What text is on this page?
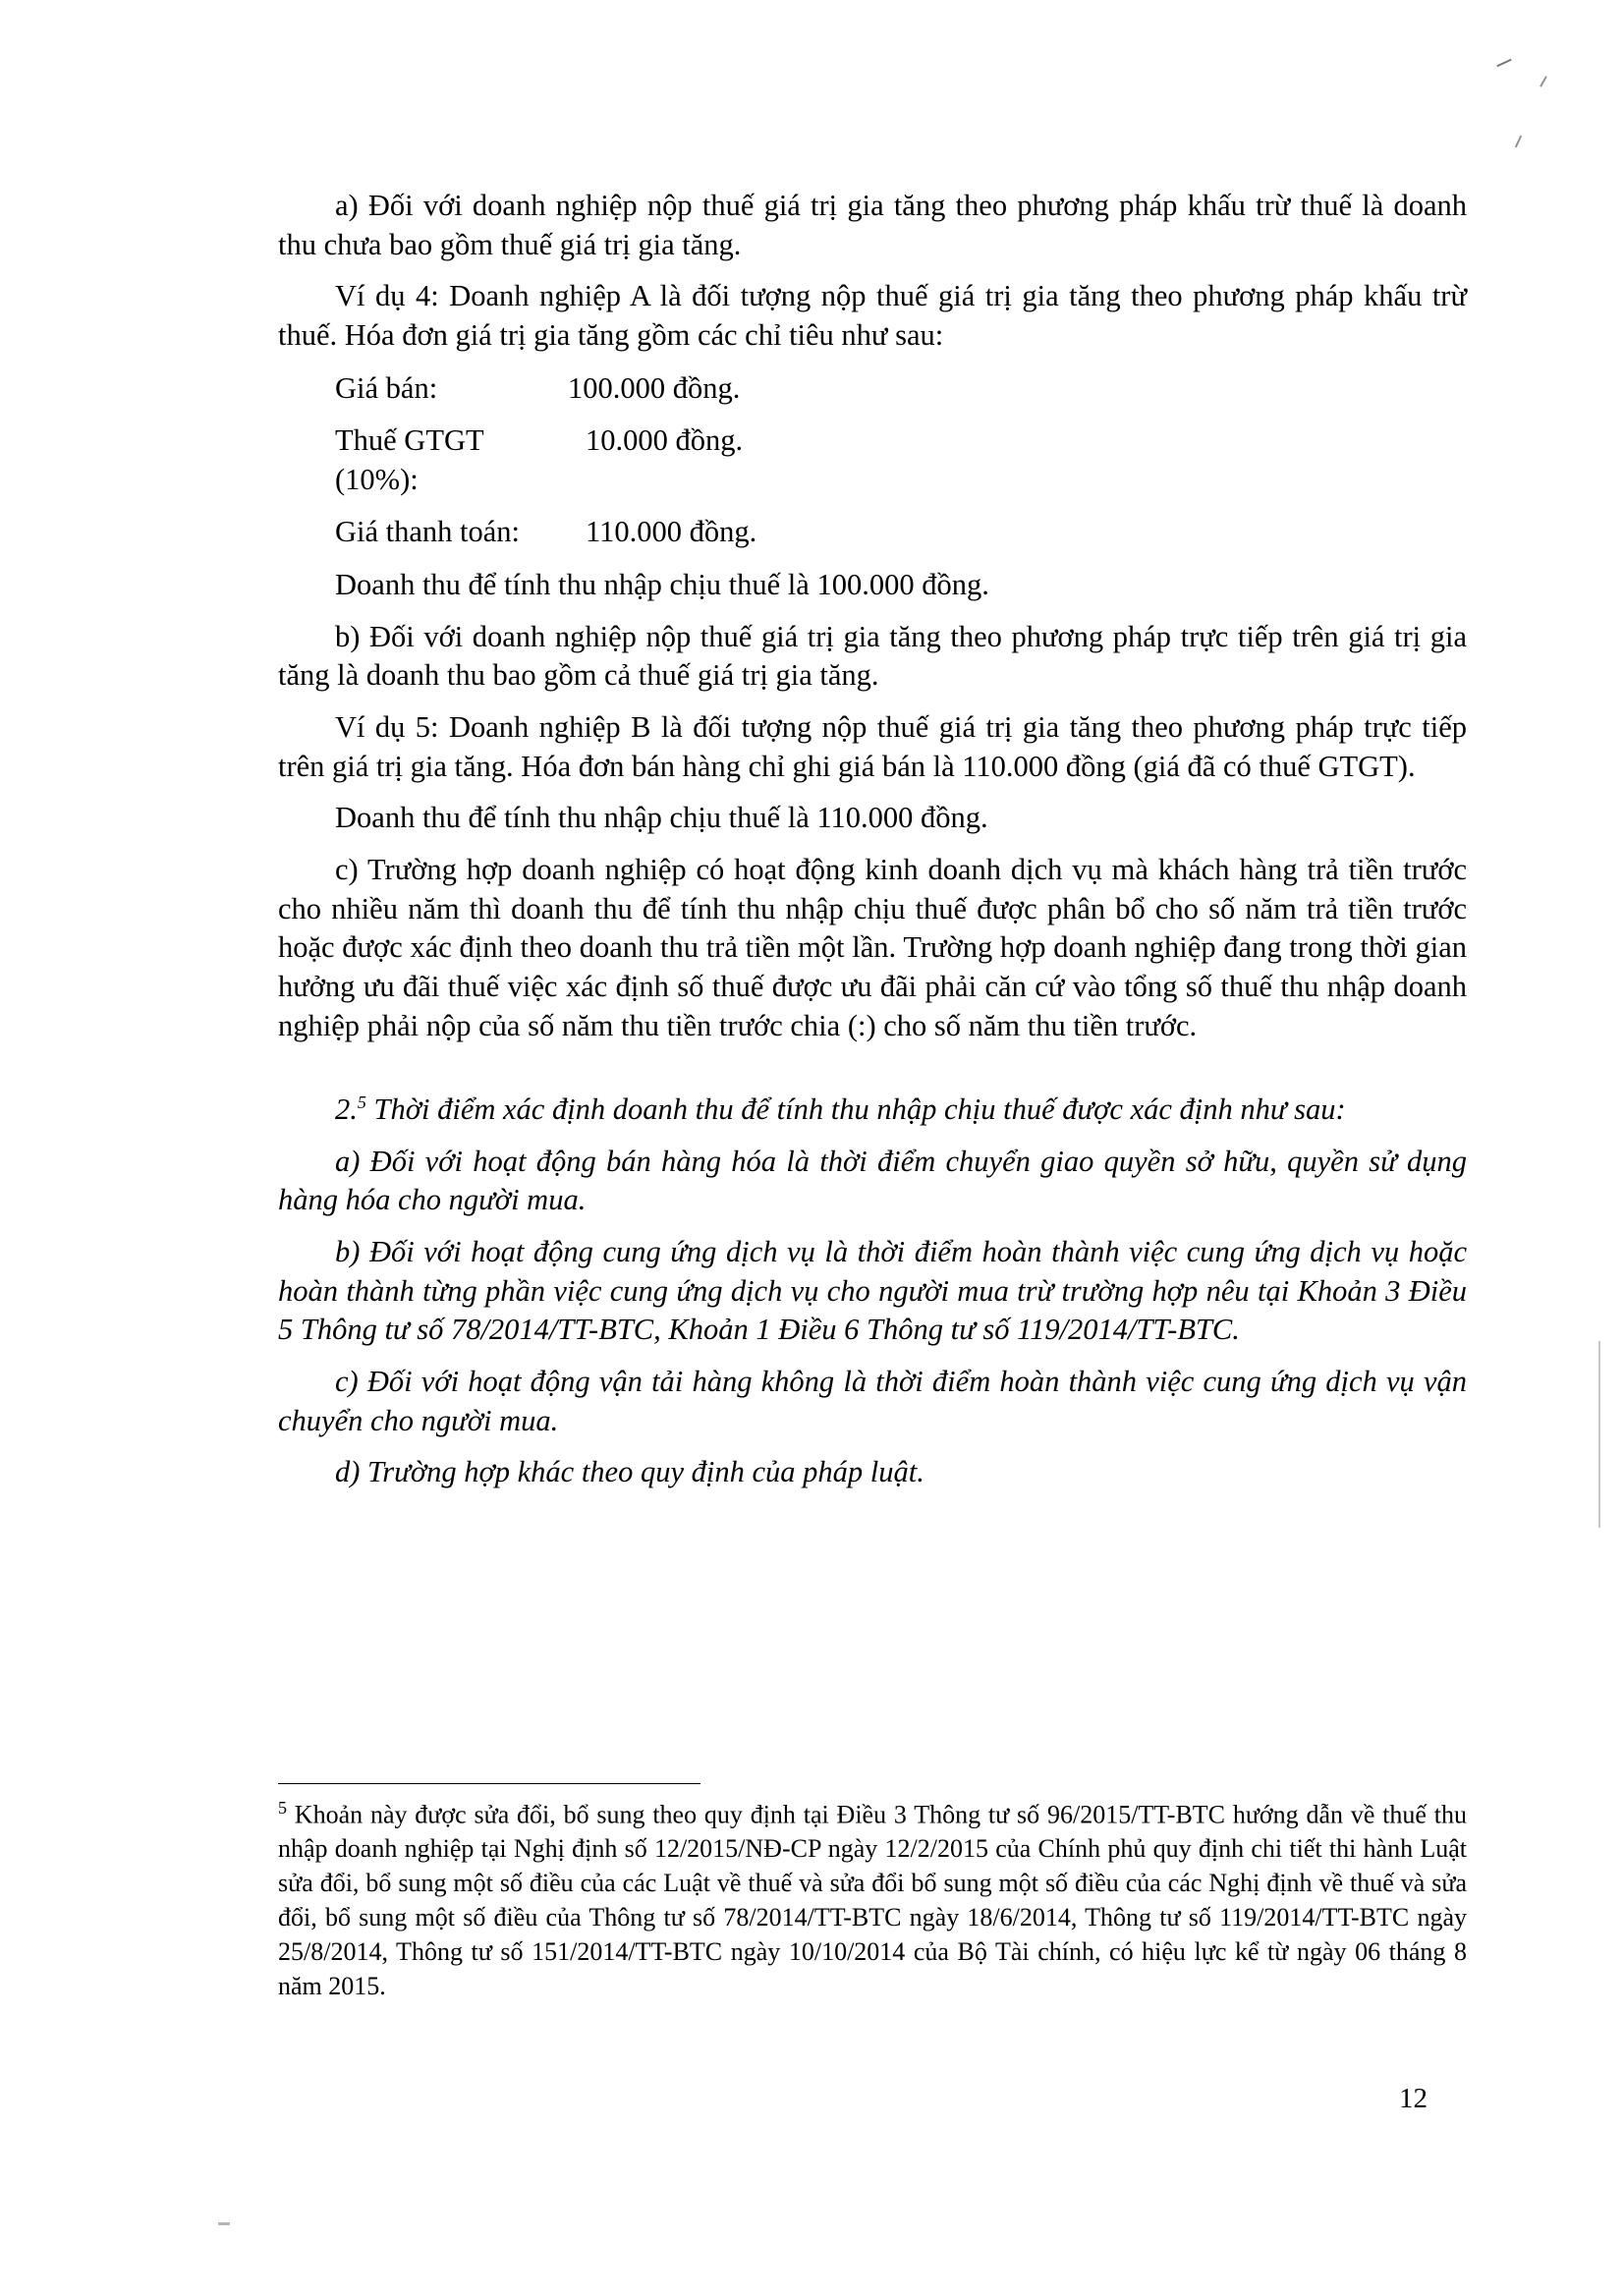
a) Đối với doanh nghiệp nộp thuế giá trị gia tăng theo phương pháp khấu trừ thuế là doanh thu chưa bao gồm thuế giá trị gia tăng.

Ví dụ 4: Doanh nghiệp A là đối tượng nộp thuế giá trị gia tăng theo phương pháp khấu trừ thuế. Hóa đơn giá trị gia tăng gồm các chỉ tiêu như sau:

Giá bán:	100.000 đồng.
Thuế GTGT (10%):
10.000 đồng.
Giá thanh toán:	110.000 đồng.

Doanh thu để tính thu nhập chịu thuế là 100.000 đồng.

b) Đối với doanh nghiệp nộp thuế giá trị gia tăng theo phương pháp trực tiếp trên giá trị gia tăng là doanh thu bao gồm cả thuế giá trị gia tăng.

Ví dụ 5: Doanh nghiệp B là đối tượng nộp thuế giá trị gia tăng theo phương pháp trực tiếp trên giá trị gia tăng. Hóa đơn bán hàng chỉ ghi giá bán là 110.000 đồng (giá đã có thuế GTGT).

Doanh thu để tính thu nhập chịu thuế là 110.000 đồng.

c) Trường hợp doanh nghiệp có hoạt động kinh doanh dịch vụ mà khách hàng trả tiền trước cho nhiều năm thì doanh thu để tính thu nhập chịu thuế được phân bổ cho số năm trả tiền trước hoặc được xác định theo doanh thu trả tiền một lần. Trường hợp doanh nghiệp đang trong thời gian hưởng ưu đãi thuế việc xác định số thuế được ưu đãi phải căn cứ vào tổng số thuế thu nhập doanh nghiệp phải nộp của số năm thu tiền trước chia (:) cho số năm thu tiền trước.

2.$^5$ Thời điểm xác định doanh thu để tính thu nhập chịu thuế được xác định như sau:

a) Đối với hoạt động bán hàng hóa là thời điểm chuyển giao quyền sở hữu, quyền sử dụng hàng hóa cho người mua.

b) Đối với hoạt động cung ứng dịch vụ là thời điểm hoàn thành việc cung ứng dịch vụ hoặc hoàn thành từng phần việc cung ứng dịch vụ cho người mua trừ trường hợp nêu tại Khoản 3 Điều 5 Thông tư số 78/2014/TT-BTC, Khoản 1 Điều 6 Thông tư số 119/2014/TT-BTC.

c) Đối với hoạt động vận tải hàng không là thời điểm hoàn thành việc cung ứng dịch vụ vận chuyển cho người mua.

d) Trường hợp khác theo quy định của pháp luật.

$^5$ Khoản này được sửa đổi, bổ sung theo quy định tại Điều 3 Thông tư số 96/2015/TT-BTC hướng dẫn về thuế thu nhập doanh nghiệp tại Nghị định số 12/2015/NĐ-CP ngày 12/2/2015 của Chính phủ quy định chi tiết thi hành Luật sửa đổi, bổ sung một số điều của các Luật về thuế và sửa đổi bổ sung một số điều của các Nghị định về thuế và sửa đổi, bổ sung một số điều của Thông tư số 78/2014/TT-BTC ngày 18/6/2014, Thông tư số 119/2014/TT-BTC ngày 25/8/2014, Thông tư số 151/2014/TT-BTC ngày 10/10/2014 của Bộ Tài chính, có hiệu lực kể từ ngày 06 tháng 8 năm 2015.

12
